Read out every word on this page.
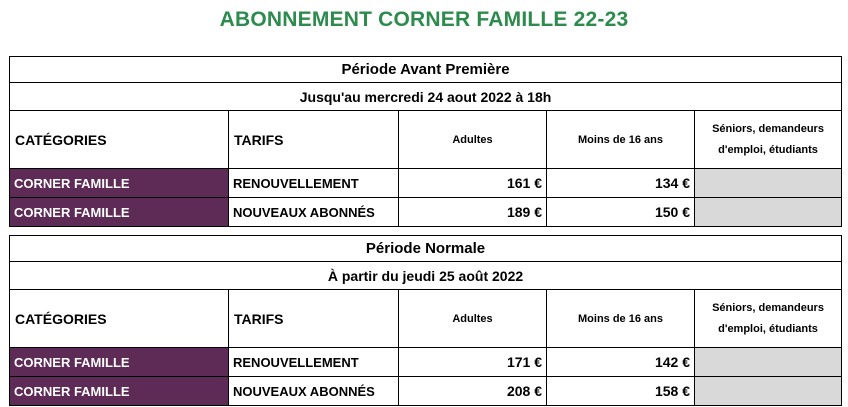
ABONNEMENT CORNER FAMILLE 22-23
Période Avant Première				
Jusqu'au mercredi 24 aout 2022 à 18h				
CATÉGORIES	TARIFS	Adultes	Moins de 16 ans	Séniors, demandeurs
d'emploi, étudiants

CORNER FAMILLE	RENOUVELLEMENT	161 €	134 €	
CORNER FAMILLE	NOUVEAUX ABONNÉS	189 €	150 €	
Période Normale				
À partir du jeudi 25 août 2022				
CATÉGORIES	TARIFS	Adultes	Moins de 16 ans	Séniors, demandeurs
d'emploi, étudiants

CORNER FAMILLE	RENOUVELLEMENT	171 €	142 €	
CORNER FAMILLE	NOUVEAUX ABONNÉS	208 €	158 €	
